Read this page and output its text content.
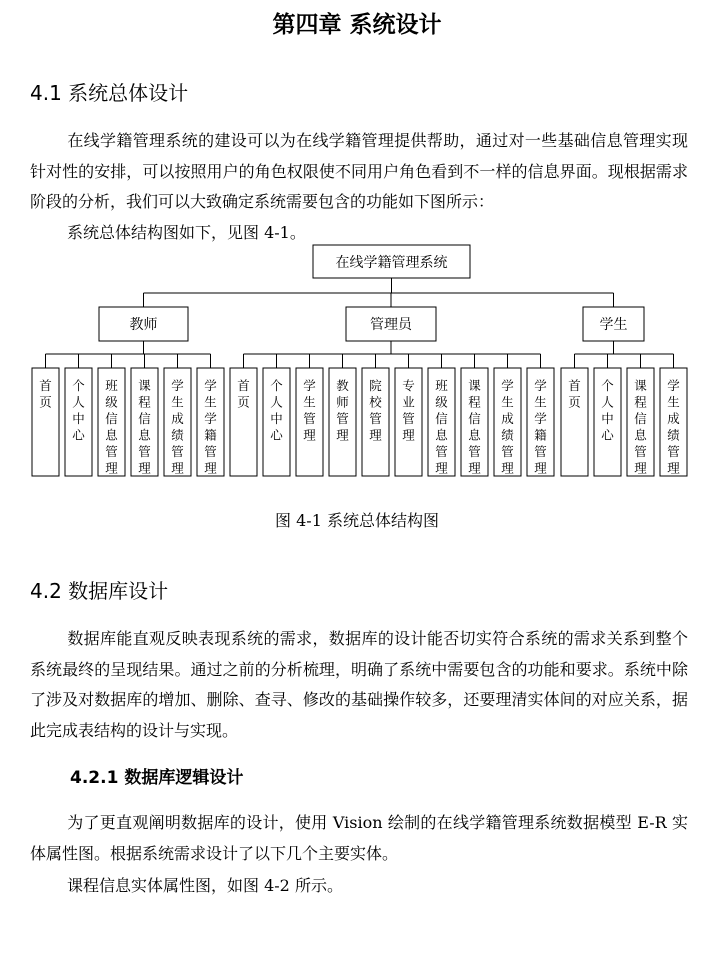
第四章 系统设计
4.1 系统总体设计
在线学籍管理系统的建设可以为在线学籍管理提供帮助，通过对一些基础信息管理实现针对性的安排，可以按照用户的角色权限使不同用户角色看到不一样的信息界面。现根据需求阶段的分析，我们可以大致确定系统需要包含的功能如下图所示：
系统总体结构图如下，见图 4-1。
在线学籍管理系统
教师
首页
个人中心
班级信息管理
课程信息管理
学生成绩管理
学生学籍管理
管理员
首页
个人中心
学生管理
教师管理
院校管理
专业管理
班级信息管理
课程信息管理
学生成绩管理
学生学籍管理
学生
首页
个人中心
课程信息管理
学生成绩管理
图 4-1 系统总体结构图
4.2 数据库设计
数据库能直观反映表现系统的需求，数据库的设计能否切实符合系统的需求关系到整个系统最终的呈现结果。通过之前的分析梳理，明确了系统中需要包含的功能和要求。系统中除了涉及对数据库的增加、删除、查寻、修改的基础操作较多，还要理清实体间的对应关系，据此完成表结构的设计与实现。
4.2.1 数据库逻辑设计
为了更直观阐明数据库的设计，使用 Vision 绘制的在线学籍管理系统数据模型 E-R 实体属性图。根据系统需求设计了以下几个主要实体。
课程信息实体属性图，如图 4-2 所示。
